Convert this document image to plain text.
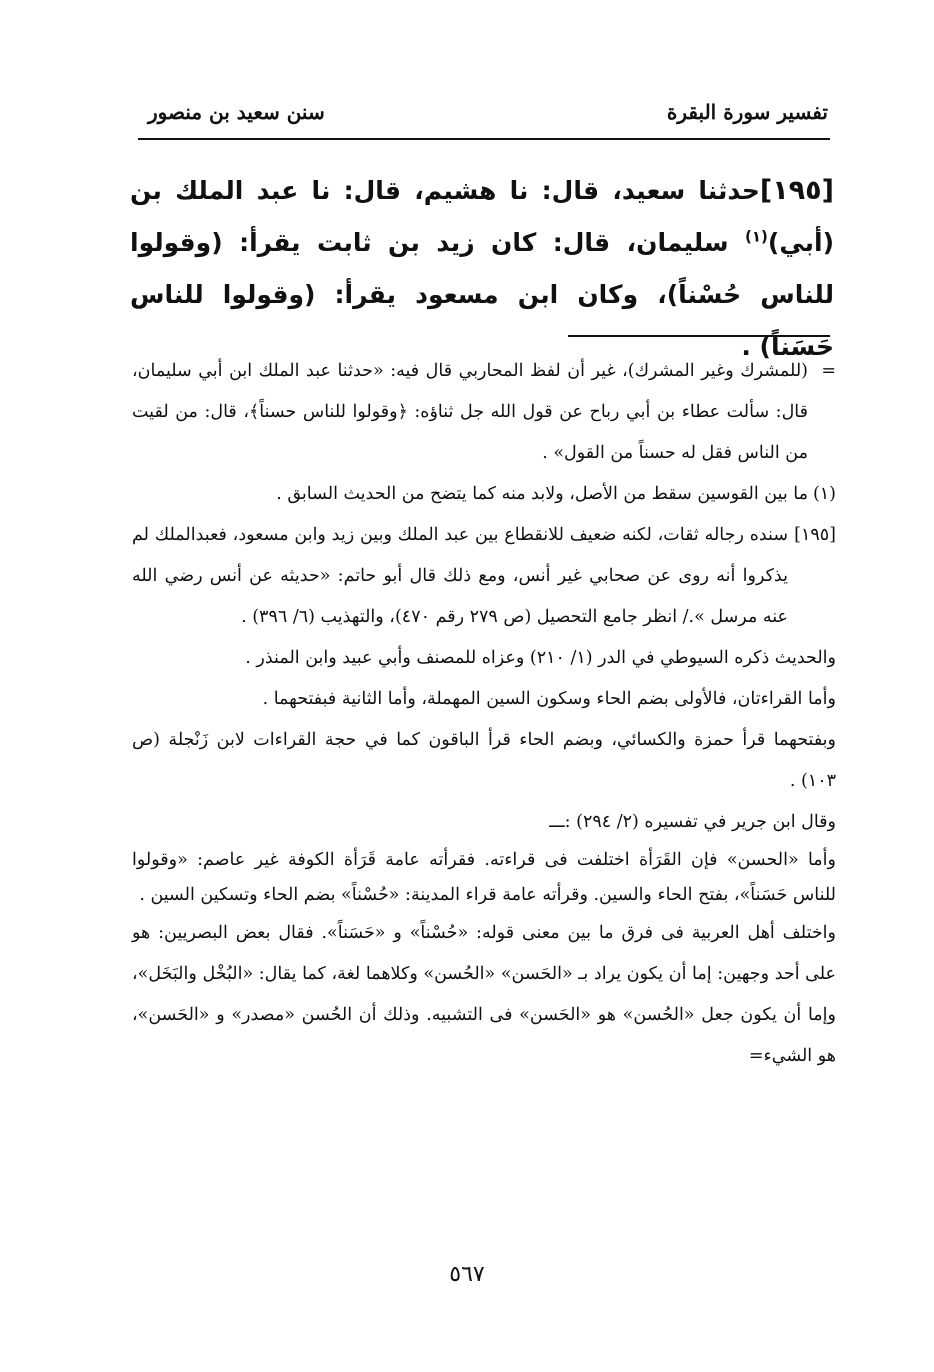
تفسير سورة البقرة
سنن سعيد بن منصور
[١٩٥]حدثنا سعيد، قال: نا هشيم، قال: نا عبد الملك بن (أبي)$^{(١)}$ سليمان، قال: كان زيد بن ثابت يقرأ: (وقولوا للناس حُسْناً)، وكان ابن مسعود يقرأ: (وقولوا للناس حَسَناً) .

=
(للمشرك وغير المشرك)، غير أن لفظ المحاربي قال فيه: «حدثنا عبد الملك ابن أبي سليمان، قال: سألت عطاء بن أبي رباح عن قول الله جل ثناؤه: ﴿وقولوا للناس حسناً﴾، قال: من لقيت من الناس فقل له حسناً من القول» .

(١)
ما بين القوسين سقط من الأصل، ولابد منه كما يتضح من الحديث السابق .

[١٩٥]
سنده رجاله ثقات، لكنه ضعيف للانقطاع بين عبد الملك وبين زيد وابن مسعود، فعبدالملك لم يذكروا أنه روى عن صحابي غير أنس، ومع ذلك قال أبو حاتم: «حديثه عن أنس رضي الله عنه مرسل »./ انظر جامع التحصيل (ص ٢٧٩ رقم ٤٧٠)، والتهذيب (٦/ ٣٩٦) .

والحديث ذكره السيوطي في الدر (١/ ٢١٠) وعزاه للمصنف وأبي عبيد وابن المنذر .

وأما القراءتان، فالأولى بضم الحاء وسكون السين المهملة، وأما الثانية فبفتحهما .

وبفتحهما قرأ حمزة والكسائي، وبضم الحاء قرأ الباقون كما في حجة القراءات لابن زَنْجلة (ص ١٠٣) .

وقال ابن جرير في تفسيره (٢/ ٢٩٤) :ـــ

وأما «الحسن» فإن القَرَأة اختلفت فى قراءته. فقرأته عامة قَرَأة الكوفة غير عاصم: «وقولوا للناس حَسَناً»، بفتح الحاء والسين. وقرأته عامة قراء المدينة: «حُسْناً» بضم الحاء وتسكين السين .

واختلف أهل العربية فى فرق ما بين معنى قوله: «حُسْناً» و «حَسَناً». فقال بعض البصريين: هو على أحد وجهين: إما أن يكون يراد بـ «الحَسن» «الحُسن» وكلاهما لغة، كما يقال: «البُخْل والبَخَل»، وإما أن يكون جعل «الحُسن» هو «الحَسن» فى التشبيه. وذلك أن الحُسن «مصدر» و «الحَسن»، هو الشيء=

٥٦٧
